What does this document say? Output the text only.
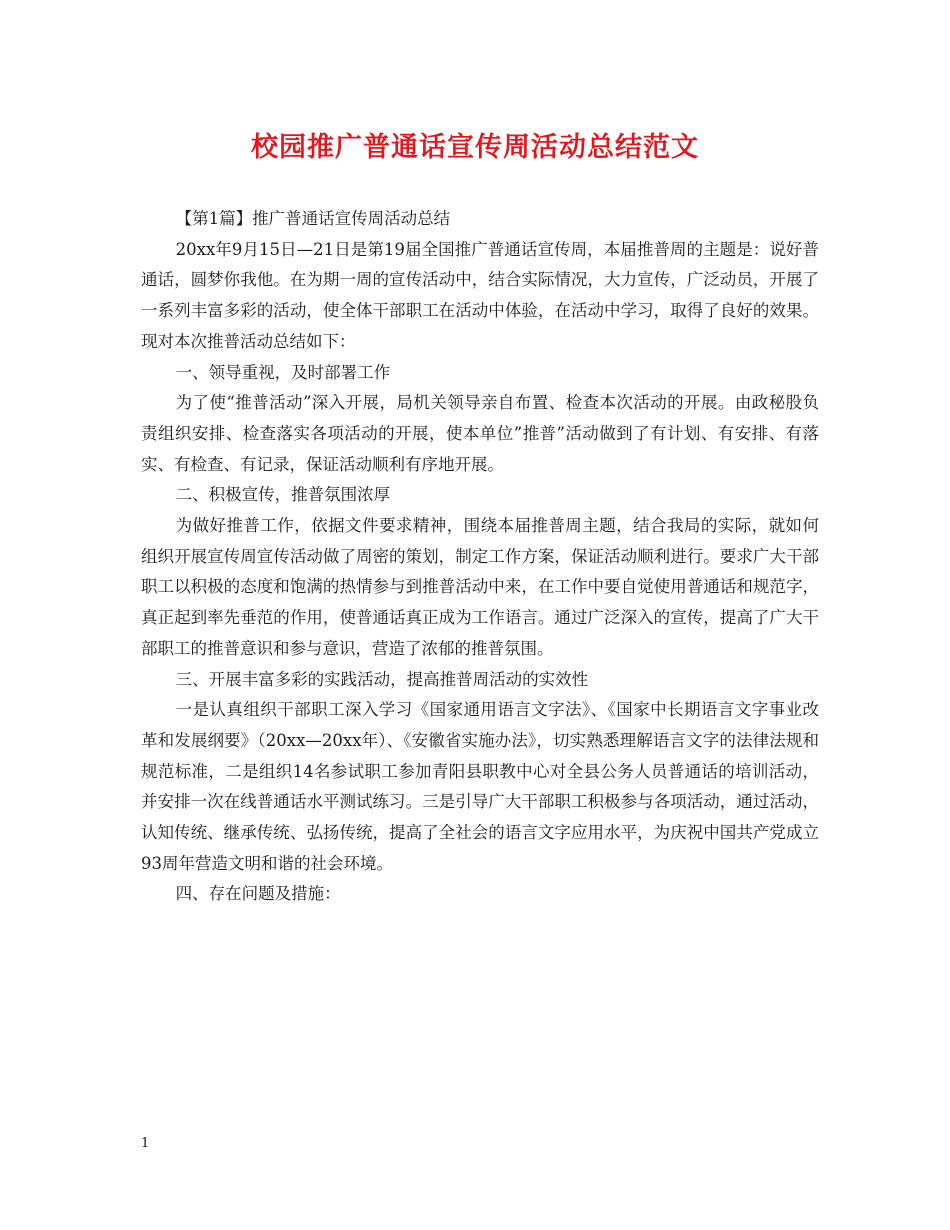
校园推广普通话宣传周活动总结范文

【第1篇】推广普通话宣传周活动总结

20xx年9月15日—21日是第19届全国推广普通话宣传周，本届推普周的主题是：说好普通话，圆梦你我他。在为期一周的宣传活动中，结合实际情况，大力宣传，广泛动员，开展了一系列丰富多彩的活动，使全体干部职工在活动中体验，在活动中学习，取得了良好的效果。现对本次推普活动总结如下：

一、领导重视，及时部署工作

为了使“推普活动”深入开展，局机关领导亲自布置、检查本次活动的开展。由政秘股负责组织安排、检查落实各项活动的开展，使本单位”推普”活动做到了有计划、有安排、有落实、有检查、有记录，保证活动顺利有序地开展。

二、积极宣传，推普氛围浓厚

为做好推普工作，依据文件要求精神，围绕本届推普周主题，结合我局的实际，就如何组织开展宣传周宣传活动做了周密的策划，制定工作方案，保证活动顺利进行。要求广大干部职工以积极的态度和饱满的热情参与到推普活动中来，在工作中要自觉使用普通话和规范字，真正起到率先垂范的作用，使普通话真正成为工作语言。通过广泛深入的宣传，提高了广大干部职工的推普意识和参与意识，营造了浓郁的推普氛围。

三、开展丰富多彩的实践活动，提高推普周活动的实效性

一是认真组织干部职工深入学习《国家通用语言文字法》、《国家中长期语言文字事业改革和发展纲要》（20xx—20xx年）、《安徽省实施办法》，切实熟悉理解语言文字的法律法规和规范标准，二是组织14名参试职工参加青阳县职教中心对全县公务人员普通话的培训活动，并安排一次在线普通话水平测试练习。三是引导广大干部职工积极参与各项活动，通过活动，认知传统、继承传统、弘扬传统，提高了全社会的语言文字应用水平，为庆祝中国共产党成立93周年营造文明和谐的社会环境。

四、存在问题及措施：

1
